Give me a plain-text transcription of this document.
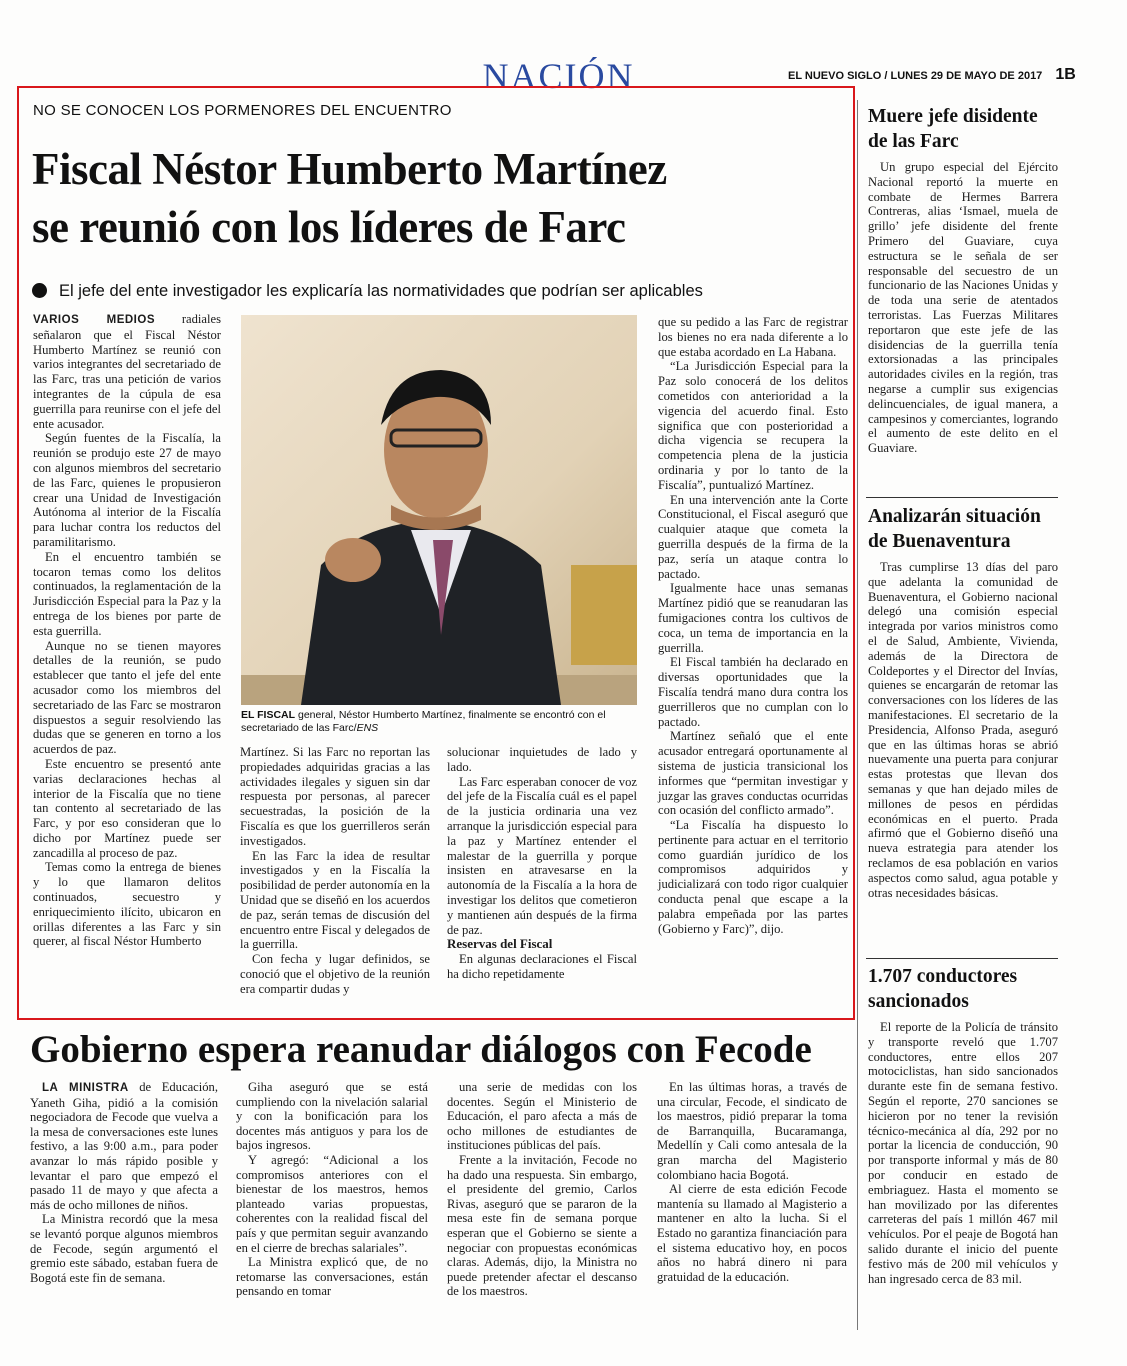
NACIÓN	EL NUEVO SIGLO / LUNES 29 DE MAYO DE 2017 1B
NO SE CONOCEN LOS PORMENORES DEL ENCUENTRO
Fiscal Néstor Humberto Martínez
se reunió con los líderes de Farc
El jefe del ente investigador les explicaría las normatividades que podrían ser aplicables

VARIOS MEDIOS radiales señalaron que el Fiscal Néstor Humberto Martínez se reunió con varios integrantes del secretariado de las Farc, tras una petición de varios integrantes de la cúpula de esa guerrilla para reunirse con el jefe del ente acusador.

Según fuentes de la Fiscalía, la reunión se produjo este 27 de mayo con algunos miembros del secretario de las Farc, quienes le propusieron crear una Unidad de Investigación Autónoma al interior de la Fiscalía para luchar contra los reductos del paramilitarismo.

En el encuentro también se tocaron temas como los delitos continuados, la reglamentación de la Jurisdicción Especial para la Paz y la entrega de los bienes por parte de esta guerrilla.

Aunque no se tienen mayores detalles de la reunión, se pudo establecer que tanto el jefe del ente acusador como los miembros del secretariado de las Farc se mostraron dispuestos a seguir resolviendo las dudas que se generen en torno a los acuerdos de paz.

Este encuentro se presentó ante varias declaraciones hechas al interior de la Fiscalía que no tiene tan contento al secretariado de las Farc, y por eso consideran que lo dicho por Martínez puede ser zancadilla al proceso de paz.

Temas como la entrega de bienes y lo que llamaron delitos continuados, secuestro y enriquecimiento ilícito, ubicaron en orillas diferentes a las Farc y sin querer, al fiscal Néstor Humberto

EL FISCAL general, Néstor Humberto Martínez, finalmente se encontró con el secretariado de las Farc/ENS

Martínez. Si las Farc no reportan las propiedades adquiridas gracias a las actividades ilegales y siguen sin dar respuesta por personas, al parecer secuestradas, la posición de la Fiscalía es que los guerrilleros serán investigados.

En las Farc la idea de resultar investigados y en la Fiscalía la posibilidad de perder autonomía en la Unidad que se diseñó en los acuerdos de paz, serán temas de discusión del encuentro entre Fiscal y delegados de la guerrilla.

Con fecha y lugar definidos, se conoció que el objetivo de la reunión era compartir dudas y

solucionar inquietudes de lado y lado.

Las Farc esperaban conocer de voz del jefe de la Fiscalía cuál es el papel de la justicia ordinaria una vez arranque la jurisdicción especial para la paz y Martínez entender el malestar de la guerrilla y porque insisten en atravesarse en la autonomía de la Fiscalía a la hora de investigar los delitos que cometieron y mantienen aún después de la firma de paz.

Reservas del Fiscal

En algunas declaraciones el Fiscal ha dicho repetidamente

que su pedido a las Farc de registrar los bienes no era nada diferente a lo que estaba acordado en La Habana.

“La Jurisdicción Especial para la Paz solo conocerá de los delitos cometidos con anterioridad a la vigencia del acuerdo final. Esto significa que con posterioridad a dicha vigencia se recupera la competencia plena de la justicia ordinaria y por lo tanto de la Fiscalía”, puntualizó Martínez.

En una intervención ante la Corte Constitucional, el Fiscal aseguró que cualquier ataque que cometa la guerrilla después de la firma de la paz, sería un ataque contra lo pactado.

Igualmente hace unas semanas Martínez pidió que se reanudaran las fumigaciones contra los cultivos de coca, un tema de importancia en la guerrilla.

El Fiscal también ha declarado en diversas oportunidades que la Fiscalía tendrá mano dura contra los guerrilleros que no cumplan con lo pactado.

Martínez señaló que el ente acusador entregará oportunamente al sistema de justicia transicional los informes que “permitan investigar y juzgar las graves conductas ocurridas con ocasión del conflicto armado”.

“La Fiscalía ha dispuesto lo pertinente para actuar en el territorio como guardián jurídico de los compromisos adquiridos y judicializará con todo rigor cualquier conducta penal que escape a la palabra empeñada por las partes (Gobierno y Farc)”, dijo.

Muere jefe disidente
de las Farc

Un grupo especial del Ejército Nacional reportó la muerte en combate de Hermes Barrera Contreras, alias ‘Ismael, muela de grillo’ jefe disidente del frente Primero del Guaviare, cuya estructura se le señala de ser responsable del secuestro de un funcionario de las Naciones Unidas y de toda una serie de atentados terroristas. Las Fuerzas Militares reportaron que este jefe de las disidencias de la guerrilla tenía extorsionadas a las principales autoridades civiles en la región, tras negarse a cumplir sus exigencias delincuenciales, de igual manera, a campesinos y comerciantes, logrando el aumento de este delito en el Guaviare.

Analizarán situación
de Buenaventura

Tras cumplirse 13 días del paro que adelanta la comunidad de Buenaventura, el Gobierno nacional delegó una comisión especial integrada por varios ministros como el de Salud, Ambiente, Vivienda, además de la Directora de Coldeportes y el Director del Invías, quienes se encargarán de retomar las conversaciones con los líderes de las manifestaciones. El secretario de la Presidencia, Alfonso Prada, aseguró que en las últimas horas se abrió nuevamente una puerta para conjurar estas protestas que llevan dos semanas y que han dejado miles de millones de pesos en pérdidas económicas en el puerto. Prada afirmó que el Gobierno diseñó una nueva estrategia para atender los reclamos de esa población en varios aspectos como salud, agua potable y otras necesidades básicas.

1.707 conductores
sancionados

El reporte de la Policía de tránsito y transporte reveló que 1.707 conductores, entre ellos 207 motociclistas, han sido sancionados durante este fin de semana festivo. Según el reporte, 270 sanciones se hicieron por no tener la revisión técnico-mecánica al día, 292 por no portar la licencia de conducción, 90 por transporte informal y más de 80 por conducir en estado de embriaguez. Hasta el momento se han movilizado por las diferentes carreteras del país 1 millón 467 mil vehículos. Por el peaje de Bogotá han salido durante el inicio del puente festivo más de 200 mil vehículos y han ingresado cerca de 83 mil.

Gobierno espera reanudar diálogos con Fecode

LA MINISTRA de Educación, Yaneth Giha, pidió a la comisión negociadora de Fecode que vuelva a la mesa de conversaciones este lunes festivo, a las 9:00 a.m., para poder avanzar lo más rápido posible y levantar el paro que empezó el pasado 11 de mayo y que afecta a más de ocho millones de niños.

La Ministra recordó que la mesa se levantó porque algunos miembros de Fecode, según argumentó el gremio este sábado, estaban fuera de Bogotá este fin de semana.

Giha aseguró que se está cumpliendo con la nivelación salarial y con la bonificación para los docentes más antiguos y para los de bajos ingresos.

Y agregó: “Adicional a los compromisos anteriores con el bienestar de los maestros, hemos planteado varias propuestas, coherentes con la realidad fiscal del país y que permitan seguir avanzando en el cierre de brechas salariales”.

La Ministra explicó que, de no retomarse las conversaciones, están pensando en tomar

una serie de medidas con los docentes. Según el Ministerio de Educación, el paro afecta a más de ocho millones de estudiantes de instituciones públicas del país.

Frente a la invitación, Fecode no ha dado una respuesta. Sin embargo, el presidente del gremio, Carlos Rivas, aseguró que se pararon de la mesa este fin de semana porque esperan que el Gobierno se siente a negociar con propuestas económicas claras. Además, dijo, la Ministra no puede pretender afectar el descanso de los maestros.

En las últimas horas, a través de una circular, Fecode, el sindicato de los maestros, pidió preparar la toma de Barranquilla, Bucaramanga, Medellín y Cali como antesala de la gran marcha del Magisterio colombiano hacia Bogotá.

Al cierre de esta edición Fecode mantenía su llamado al Magisterio a mantener en alto la lucha. Si el Estado no garantiza financiación para el sistema educativo hoy, en pocos años no habrá dinero ni para gratuidad de la educación.
